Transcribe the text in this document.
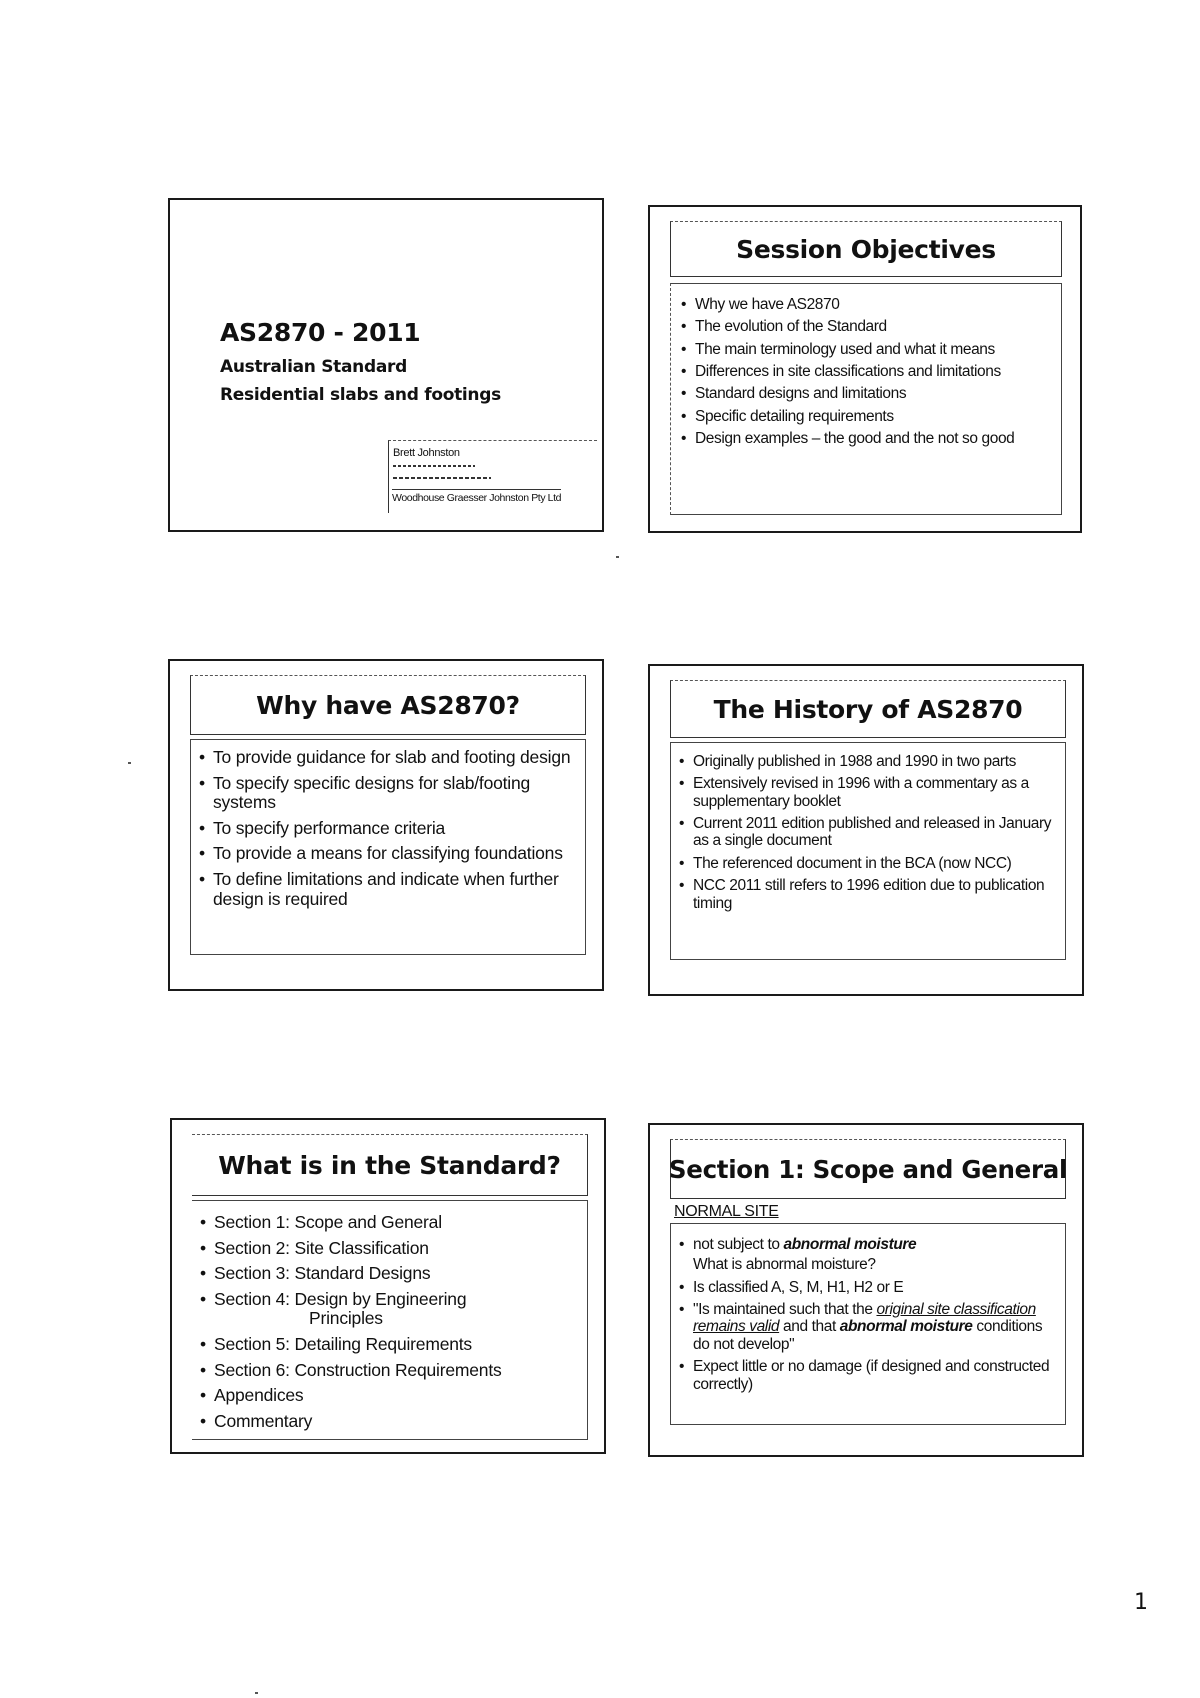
AS2870 - 2011
Australian Standard
Residential slabs and footings
Brett Johnston
Woodhouse Graesser Johnston Pty Ltd
Session Objectives
• Why we have AS2870
• The evolution of the Standard
• The main terminology used and what it means
• Differences in site classifications and limitations
• Standard designs and limitations
• Specific detailing requirements
• Design examples – the good and the not so good
Why have AS2870?
• To provide guidance for slab and footing design
• To specify specific designs for slab/footing systems
• To specify performance criteria
• To provide a means for classifying foundations
• To define limitations and indicate when further design is required
The History of AS2870
• Originally published in 1988 and 1990 in two parts
• Extensively revised in 1996 with a commentary as a supplementary booklet
• Current 2011 edition published and released in January as a single document
• The referenced document in the BCA (now NCC)
• NCC 2011 still refers to 1996 edition due to publication timing
What is in the Standard?
• Section 1: Scope and General
• Section 2: Site Classification
• Section 3: Standard Designs
• Section 4: Design by Engineering
Principles
• Section 5: Detailing Requirements
• Section 6: Construction Requirements
• Appendices
• Commentary
Section 1: Scope and General
NORMAL SITE
• not subject to abnormal moisture
What is abnormal moisture?
• Is classified A, S, M, H1, H2 or E
• "Is maintained such that the original site classification remains valid and that abnormal moisture conditions do not develop"
• Expect little or no damage (if designed and constructed correctly)
1
